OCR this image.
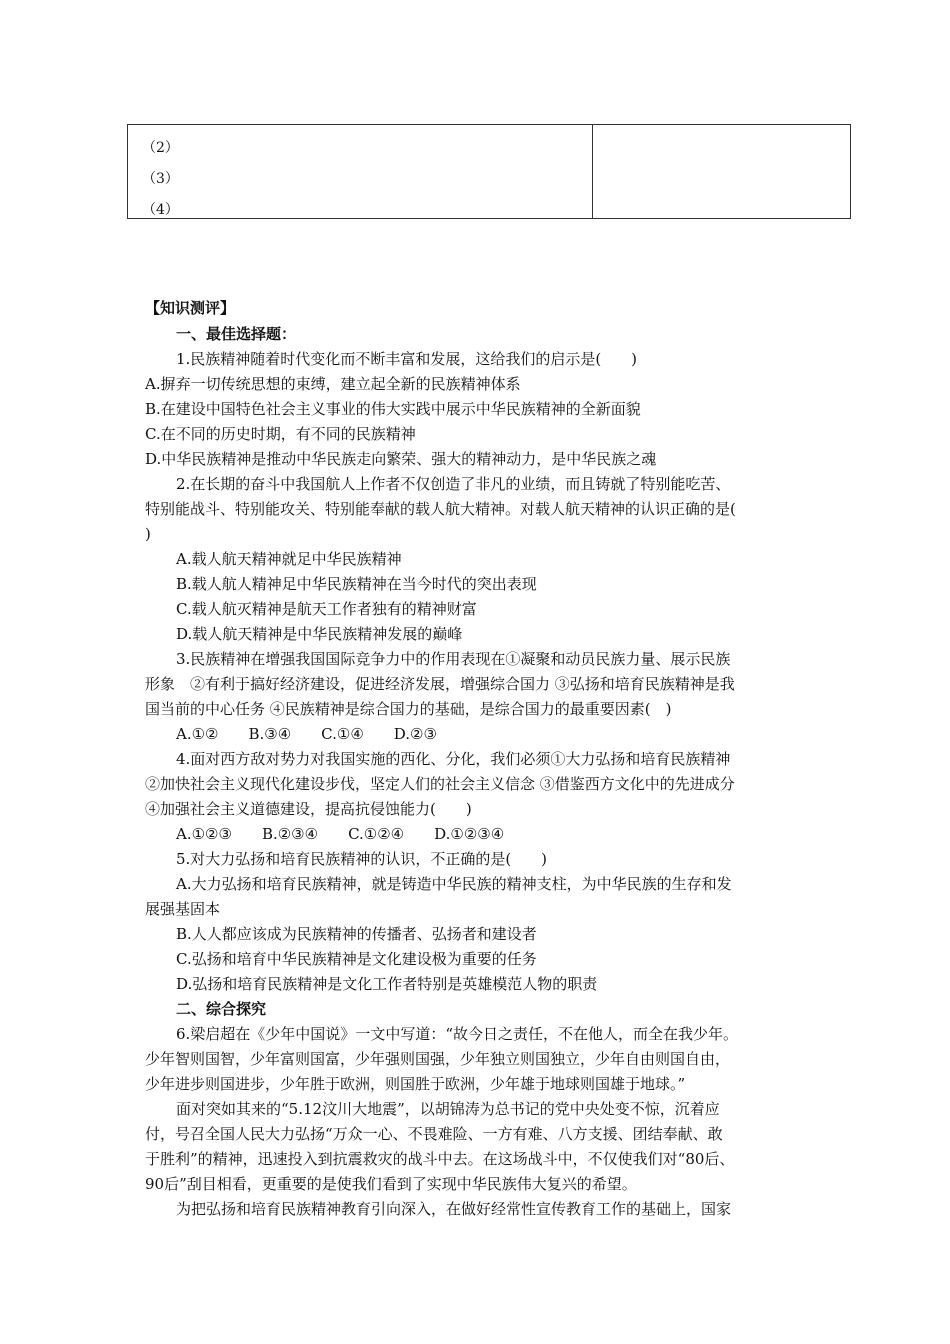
（2）
（3）
（4）
【知识测评】
一、最佳选择题：
1.民族精神随着时代变化而不断丰富和发展，这给我们的启示是(　　)
A.摒弃一切传统思想的束缚，建立起全新的民族精神体系
B.在建设中国特色社会主义事业的伟大实践中展示中华民族精神的全新面貌
C.在不同的历史时期，有不同的民族精神
D.中华民族精神是推动中华民族走向繁荣、强大的精神动力，是中华民族之魂
2.在长期的奋斗中我国航人上作者不仅创造了非凡的业绩，而且铸就了特别能吃苦、
特别能战斗、特别能攻关、特别能奉献的载人航大精神。对载人航天精神的认识正确的是(
)
A.载人航天精神就足中华民族精神
B.载人航人精神足中华民族精神在当今时代的突出表现
C.载人航灭精神是航天工作者独有的精神财富
D.载人航天精神是中华民族精神发展的巅峰
3.民族精神在增强我国国际竞争力中的作用表现在①凝聚和动员民族力量、展示民族
形象　②有利于搞好经济建设，促进经济发展，增强综合国力 ③弘扬和培育民族精神是我
国当前的中心任务 ④民族精神是综合国力的基础，是综合国力的最重要因素(　)
A.①②　　B.③④　　C.①④　　D.②③
4.面对西方敌对势力对我国实施的西化、分化，我们必须①大力弘扬和培育民族精神
②加快社会主义现代化建设步伐，坚定人们的社会主义信念 ③借鉴西方文化中的先进成分
④加强社会主义道德建设，提高抗侵蚀能力(　　)
A.①②③　　B.②③④　　C.①②④　　D.①②③④
5.对大力弘扬和培育民族精神的认识，不正确的是(　　)
A.大力弘扬和培育民族精神，就是铸造中华民族的精神支柱，为中华民族的生存和发
展强基固本
B.人人都应该成为民族精神的传播者、弘扬者和建设者
C.弘扬和培育中华民族精神是文化建设极为重要的任务
D.弘扬和培育民族精神是文化工作者特别是英雄模范人物的职责
二、综合探究
6.梁启超在《少年中国说》一文中写道：“故今日之责任，不在他人，而全在我少年。
少年智则国智，少年富则国富，少年强则国强，少年独立则国独立，少年自由则国自由，
少年进步则国进步，少年胜于欧洲，则国胜于欧洲，少年雄于地球则国雄于地球。”
面对突如其来的“5.12汶川大地震”，以胡锦涛为总书记的党中央处变不惊，沉着应
付，号召全国人民大力弘扬“万众一心、不畏难险、一方有难、八方支援、团结奉献、敢
于胜利”的精神，迅速投入到抗震救灾的战斗中去。在这场战斗中，不仅使我们对“80后、
90后”刮目相看，更重要的是使我们看到了实现中华民族伟大复兴的希望。
为把弘扬和培育民族精神教育引向深入，在做好经常性宣传教育工作的基础上，国家
